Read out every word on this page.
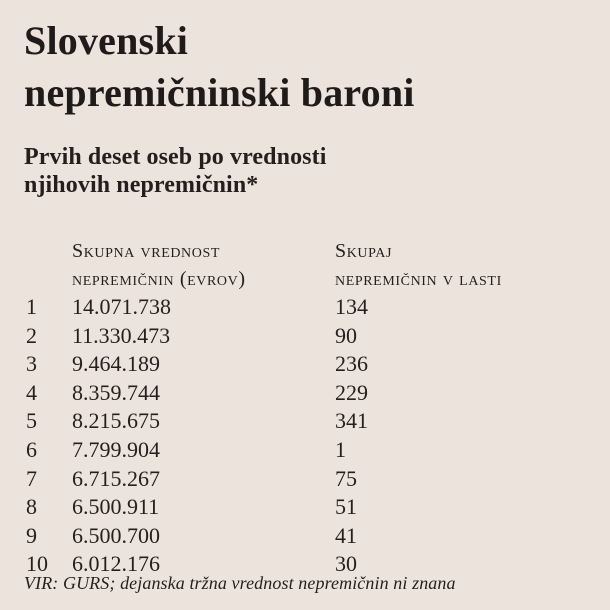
Slovenski
nepremičninski baroni
Prvih deset oseb po vrednosti
njihovih nepremičnin*
Skupna vrednost
nepremičnin (evrov)
Skupaj
nepremičnin v lasti
1	14.071.738	134
2	11.330.473	90
3	9.464.189	236
4	8.359.744	229
5	8.215.675	341
6	7.799.904	1
7	6.715.267	75
8	6.500.911	51
9	6.500.700	41
10	6.012.176	30
VIR: GURS; dejanska tržna vrednost nepremičnin ni znana
